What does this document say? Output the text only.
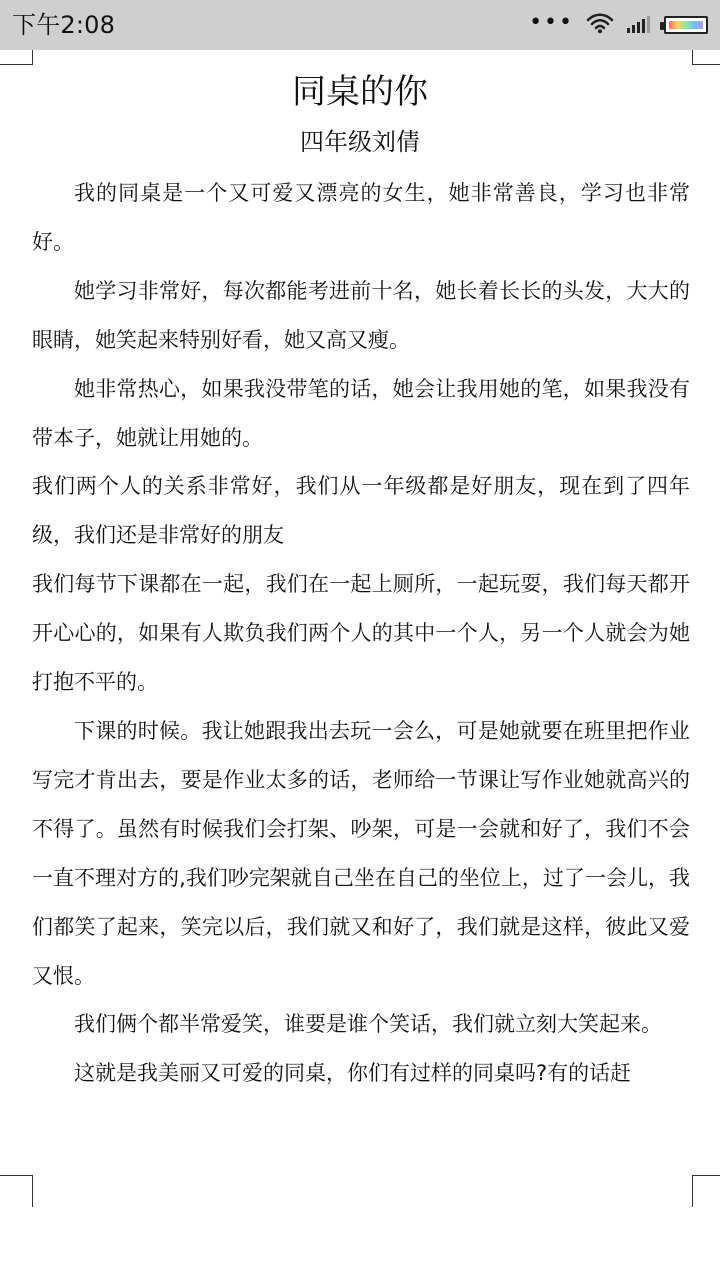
下午2:08	•••
同桌的你
四年级刘倩

我的同桌是一个又可爱又漂亮的女生，她非常善良，学习也非常好。

她学习非常好，每次都能考进前十名，她长着长长的头发，大大的眼睛，她笑起来特别好看，她又高又瘦。

她非常热心，如果我没带笔的话，她会让我用她的笔，如果我没有带本子，她就让用她的。

我们两个人的关系非常好，我们从一年级都是好朋友，现在到了四年级，我们还是非常好的朋友

我们每节下课都在一起，我们在一起上厕所，一起玩耍，我们每天都开开心心的，如果有人欺负我们两个人的其中一个人，另一个人就会为她打抱不平的。

下课的时候。我让她跟我出去玩一会么，可是她就要在班里把作业写完才肯出去，要是作业太多的话，老师给一节课让写作业她就高兴的不得了。虽然有时候我们会打架、吵架，可是一会就和好了，我们不会一直不理对方的,我们吵完架就自己坐在自己的坐位上，过了一会儿，我们都笑了起来，笑完以后，我们就又和好了，我们就是这样，彼此又爱又恨。

我们俩个都半常爱笑，谁要是谁个笑话，我们就立刻大笑起来。

这就是我美丽又可爱的同桌，你们有过样的同桌吗?有的话赶
